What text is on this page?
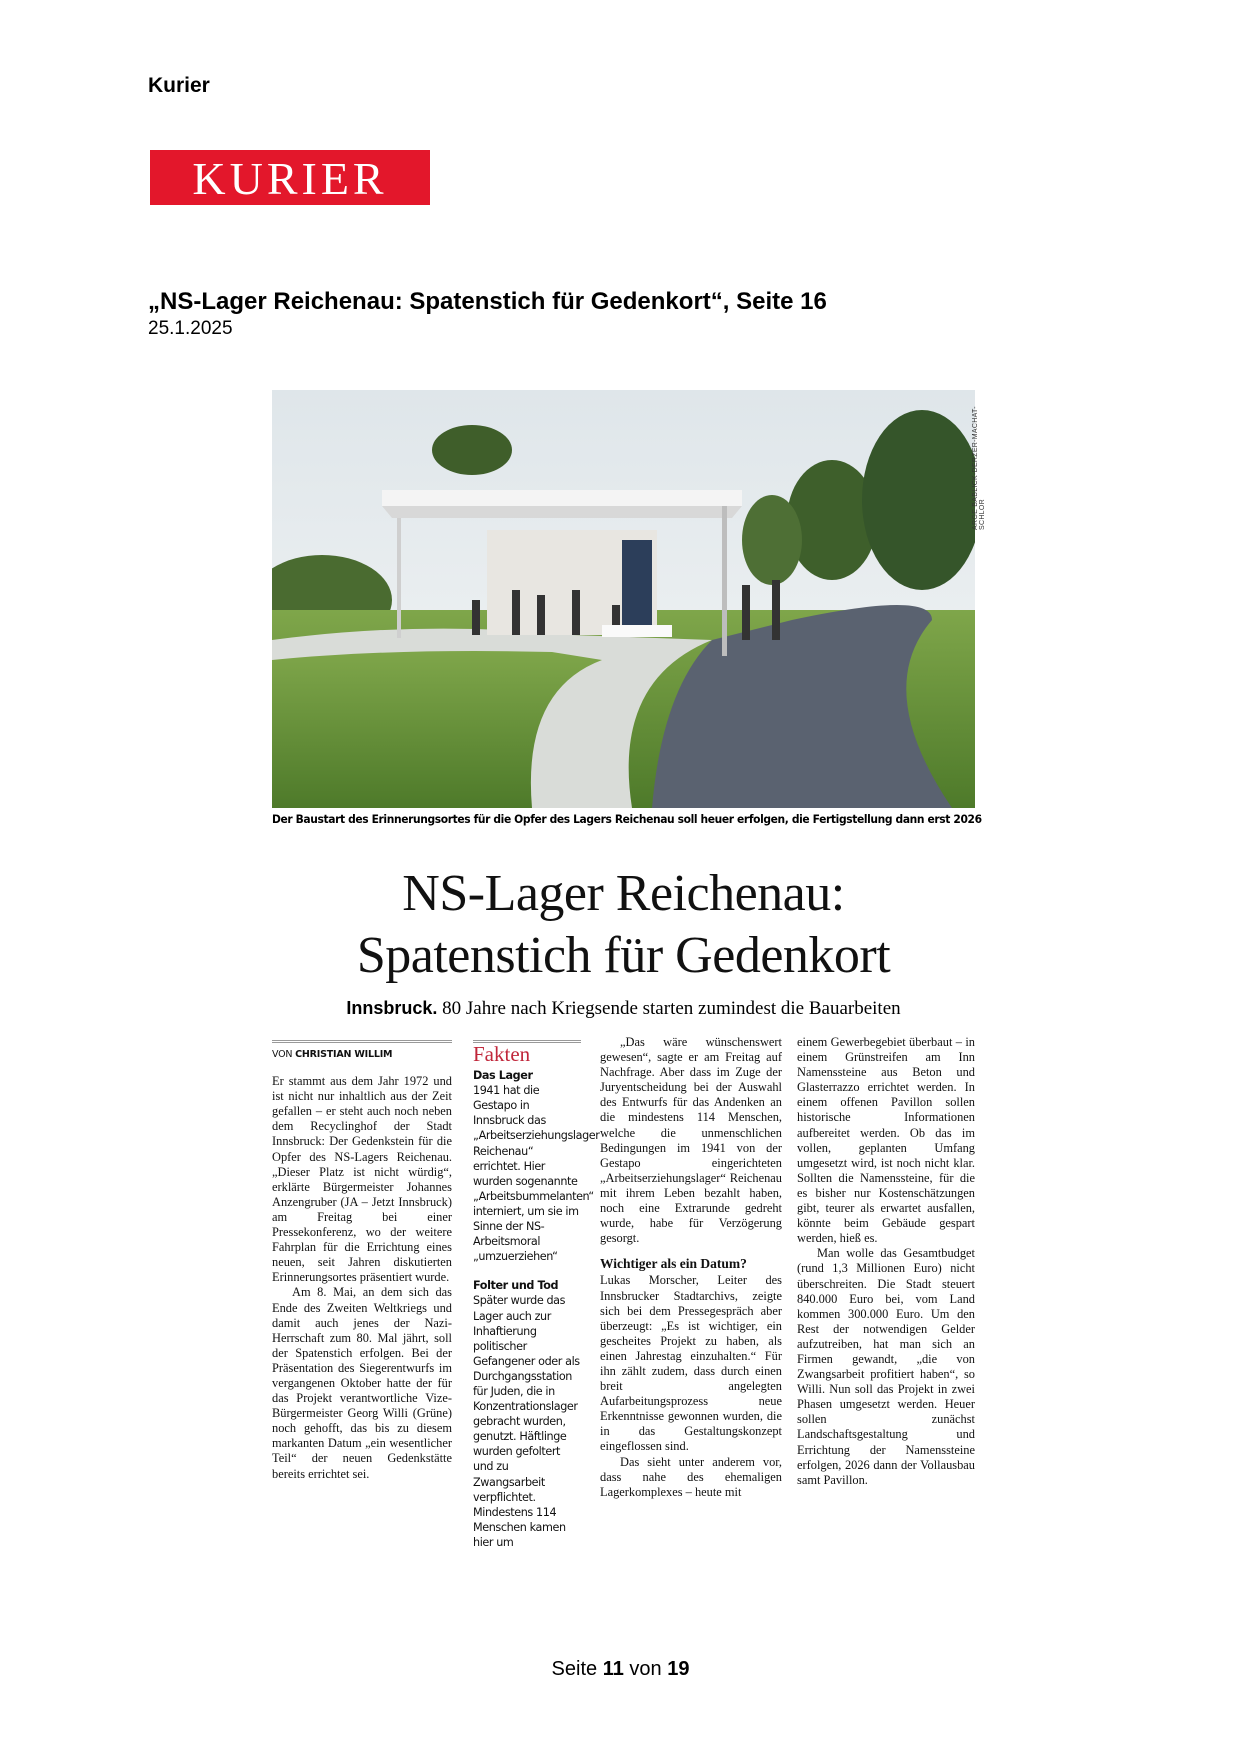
Kurier
KURIER
„NS-Lager Reichenau: Spatenstich für Gedenkort“, Seite 16
25.1.2025
ARGE BABLICK-DERZER-MACHAT-SCHLOR
Der Baustart des Erinnerungsortes für die Opfer des Lagers Reichenau soll heuer erfolgen, die Fertigstellung dann erst 2026
NS-Lager Reichenau:
Spatenstich für Gedenkort
Innsbruck. 80 Jahre nach Kriegsende starten zumindest die Bauarbeiten
VON CHRISTIAN WILLIM

Er stammt aus dem Jahr 1972 und ist nicht nur inhaltlich aus der Zeit gefallen – er steht auch noch neben dem Recyclinghof der Stadt Innsbruck: Der Gedenkstein für die Opfer des NS-Lagers Reichenau. „Dieser Platz ist nicht würdig“, erklärte Bürgermeister Johannes Anzengruber (JA – Jetzt Innsbruck) am Freitag bei einer Pressekonferenz, wo der weitere Fahrplan für die Errichtung eines neuen, seit Jahren diskutierten Erinnerungsortes präsentiert wurde.

Am 8. Mai, an dem sich das Ende des Zweiten Weltkriegs und damit auch jenes der Nazi-Herrschaft zum 80. Mal jährt, soll der Spatenstich erfolgen. Bei der Präsentation des Siegerentwurfs im vergangenen Oktober hatte der für das Projekt verantwortliche Vize-Bürgermeister Georg Willi (Grüne) noch gehofft, das bis zu diesem markanten Datum „ein wesentlicher Teil“ der neuen Gedenkstätte bereits errichtet sei.

Fakten
Das Lager
1941 hat die Gestapo in Innsbruck das „Arbeitserziehungslager Reichenau“ errichtet. Hier wurden sogenannte „Arbeitsbummelanten“ interniert, um sie im Sinne der NS-Arbeitsmoral „umzuerziehen“
Folter und Tod
Später wurde das Lager auch zur Inhaftierung politischer Gefangener oder als Durchgangsstation für Juden, die in Konzentrationslager gebracht wurden, genutzt. Häftlinge wurden gefoltert und zu Zwangsarbeit verpflichtet. Mindestens 114 Menschen kamen hier um

„Das wäre wünschenswert gewesen“, sagte er am Freitag auf Nachfrage. Aber dass im Zuge der Juryentscheidung bei der Auswahl des Entwurfs für das Andenken an die mindestens 114 Menschen, welche die unmenschlichen Bedingungen im 1941 von der Gestapo eingerichteten „Arbeitserziehungslager“ Reichenau mit ihrem Leben bezahlt haben, noch eine Extrarunde gedreht wurde, habe für Verzögerung gesorgt.

Wichtiger als ein Datum?

Lukas Morscher, Leiter des Innsbrucker Stadtarchivs, zeigte sich bei dem Pressegespräch aber überzeugt: „Es ist wichtiger, ein gescheites Projekt zu haben, als einen Jahrestag einzuhalten.“ Für ihn zählt zudem, dass durch einen breit angelegten Aufarbeitungsprozess neue Erkenntnisse gewonnen wurden, die in das Gestaltungskonzept eingeflossen sind.

Das sieht unter anderem vor, dass nahe des ehemaligen Lagerkomplexes – heute mit

einem Gewerbegebiet überbaut – in einem Grünstreifen am Inn Namenssteine aus Beton und Glasterrazzo errichtet werden. In einem offenen Pavillon sollen historische Informationen aufbereitet werden. Ob das im vollen, geplanten Umfang umgesetzt wird, ist noch nicht klar. Sollten die Namenssteine, für die es bisher nur Kostenschätzungen gibt, teurer als erwartet ausfallen, könnte beim Gebäude gespart werden, hieß es.

Man wolle das Gesamtbudget (rund 1,3 Millionen Euro) nicht überschreiten. Die Stadt steuert 840.000 Euro bei, vom Land kommen 300.000 Euro. Um den Rest der notwendigen Gelder aufzutreiben, hat man sich an Firmen gewandt, „die von Zwangsarbeit profitiert haben“, so Willi. Nun soll das Projekt in zwei Phasen umgesetzt werden. Heuer sollen zunächst Landschaftsgestaltung und Errichtung der Namenssteine erfolgen, 2026 dann der Vollausbau samt Pavillon.

Seite 11 von 19
